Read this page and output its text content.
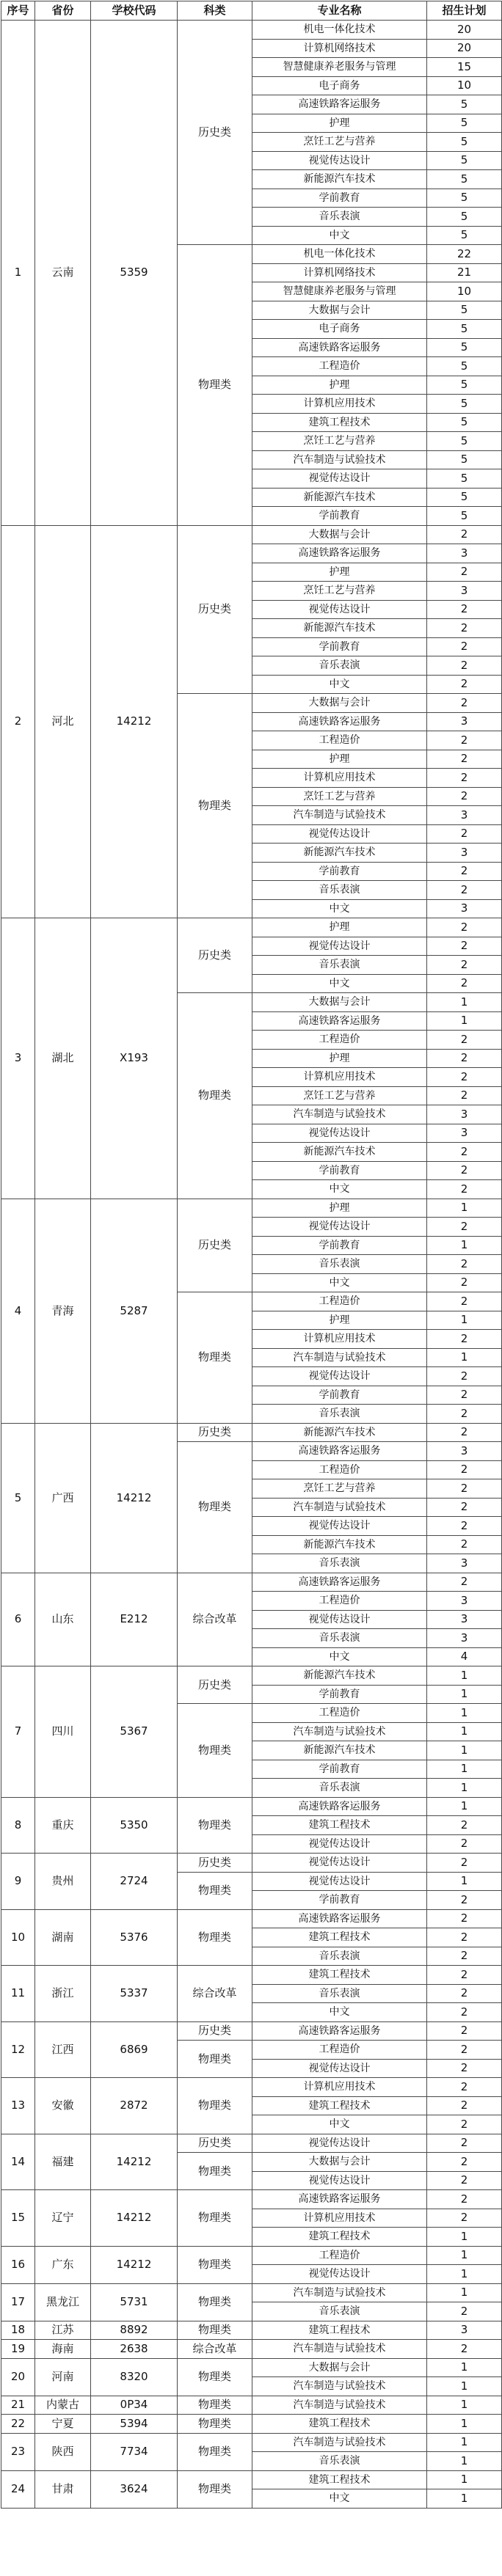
序号	省份	学校代码	科类	专业名称	招生计划
1	云南	5359	历史类	机电一体化技术	20
				计算机网络技术	20
				智慧健康养老服务与管理	15
				电子商务	10
				高速铁路客运服务	5
				护理	5
				烹饪工艺与营养	5
				视觉传达设计	5
				新能源汽车技术	5
				学前教育	5
				音乐表演	5
				中文	5
			物理类	机电一体化技术	22
				计算机网络技术	21
				智慧健康养老服务与管理	10
				大数据与会计	5
				电子商务	5
				高速铁路客运服务	5
				工程造价	5
				护理	5
				计算机应用技术	5
				建筑工程技术	5
				烹饪工艺与营养	5
				汽车制造与试验技术	5
				视觉传达设计	5
				新能源汽车技术	5
				学前教育	5
2	河北	14212	历史类	大数据与会计	2
				高速铁路客运服务	3
				护理	2
				烹饪工艺与营养	3
				视觉传达设计	2
				新能源汽车技术	2
				学前教育	2
				音乐表演	2
				中文	2
			物理类	大数据与会计	2
				高速铁路客运服务	3
				工程造价	2
				护理	2
				计算机应用技术	2
				烹饪工艺与营养	2
				汽车制造与试验技术	3
				视觉传达设计	2
				新能源汽车技术	3
				学前教育	2
				音乐表演	2
				中文	3
3	湖北	X193	历史类	护理	2
				视觉传达设计	2
				音乐表演	2
				中文	2
			物理类	大数据与会计	1
				高速铁路客运服务	1
				工程造价	2
				护理	2
				计算机应用技术	2
				烹饪工艺与营养	2
				汽车制造与试验技术	3
				视觉传达设计	3
				新能源汽车技术	2
				学前教育	2
				中文	2
4	青海	5287	历史类	护理	1
				视觉传达设计	2
				学前教育	1
				音乐表演	2
				中文	2
			物理类	工程造价	2
				护理	1
				计算机应用技术	2
				汽车制造与试验技术	1
				视觉传达设计	2
				学前教育	2
				音乐表演	2
5	广西	14212	历史类	新能源汽车技术	2
			物理类	高速铁路客运服务	3
				工程造价	2
				烹饪工艺与营养	2
				汽车制造与试验技术	2
				视觉传达设计	2
				新能源汽车技术	2
				音乐表演	3
6	山东	E212	综合改革	高速铁路客运服务	2
				工程造价	3
				视觉传达设计	3
				音乐表演	3
				中文	4
7	四川	5367	历史类	新能源汽车技术	1
				学前教育	1
			物理类	工程造价	1
				汽车制造与试验技术	1
				新能源汽车技术	1
				学前教育	1
				音乐表演	1
8	重庆	5350	物理类	高速铁路客运服务	1
				建筑工程技术	2
				视觉传达设计	2
9	贵州	2724	历史类	视觉传达设计	2
			物理类	视觉传达设计	1
				学前教育	2
10	湖南	5376	物理类	高速铁路客运服务	2
				建筑工程技术	2
				音乐表演	2
11	浙江	5337	综合改革	建筑工程技术	2
				音乐表演	2
				中文	2
12	江西	6869	历史类	高速铁路客运服务	2
			物理类	工程造价	2
				视觉传达设计	2
13	安徽	2872	物理类	计算机应用技术	2
				建筑工程技术	2
				中文	2
14	福建	14212	历史类	视觉传达设计	2
			物理类	大数据与会计	2
				视觉传达设计	2
15	辽宁	14212	物理类	高速铁路客运服务	2
				计算机应用技术	2
				建筑工程技术	1
16	广东	14212	物理类	工程造价	1
				视觉传达设计	1
17	黑龙江	5731	物理类	汽车制造与试验技术	1
				音乐表演	2
18	江苏	8892	物理类	建筑工程技术	3
19	海南	2638	综合改革	汽车制造与试验技术	2
20	河南	8320	物理类	大数据与会计	1
				汽车制造与试验技术	1
21	内蒙古	0P34	物理类	汽车制造与试验技术	1
22	宁夏	5394	物理类	建筑工程技术	1
23	陕西	7734	物理类	汽车制造与试验技术	1
				音乐表演	1
24	甘肃	3624	物理类	建筑工程技术	1
				中文	1
